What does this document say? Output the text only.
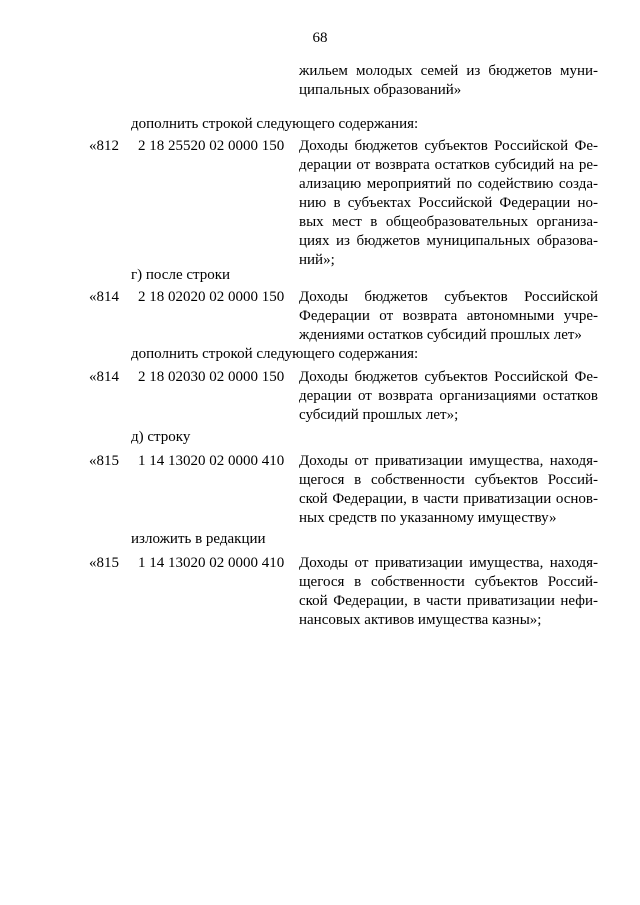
68
жильем молодых семей из бюджетов муни-
ципальных образований»
дополнить строкой следующего содержания:
«812 2 18 25520 02 0000 150 Доходы бюджетов субъектов Российской Фе-
дерации от возврата остатков субсидий на ре-
ализацию мероприятий по содействию созда-
нию в субъектах Российской Федерации но-
вых мест в общеобразовательных организа-
циях из бюджетов муниципальных образова-
ний»;
г) после строки
«814 2 18 02020 02 0000 150 Доходы бюджетов субъектов Российской
Федерации от возврата автономными учре-
ждениями остатков субсидий прошлых лет»
дополнить строкой следующего содержания:
«814 2 18 02030 02 0000 150 Доходы бюджетов субъектов Российской Фе-
дерации от возврата организациями остатков
субсидий прошлых лет»;
д) строку
«815 1 14 13020 02 0000 410 Доходы от приватизации имущества, находя-
щегося в собственности субъектов Россий-
ской Федерации, в части приватизации основ-
ных средств по указанному имуществу»
изложить в редакции
«815 1 14 13020 02 0000 410 Доходы от приватизации имущества, находя-
щегося в собственности субъектов Россий-
ской Федерации, в части приватизации нефи-
нансовых активов имущества казны»;
